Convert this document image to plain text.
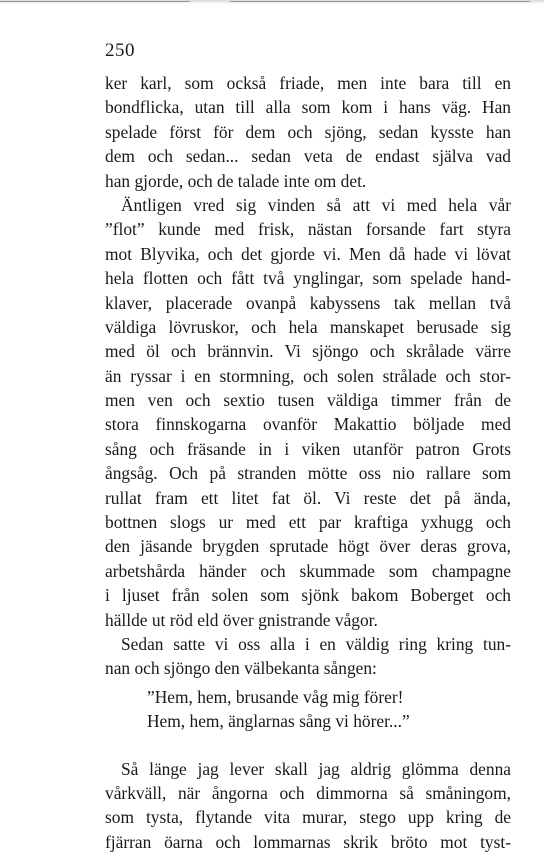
250
ker karl, som också friade, men inte bara till en
bondflicka, utan till alla som kom i hans väg. Han
spelade först för dem och sjöng, sedan kysste han
dem och sedan... sedan veta de endast själva vad
han gjorde, och de talade inte om det.
Äntligen vred sig vinden så att vi med hela vår
”flot” kunde med frisk, nästan forsande fart styra
mot Blyvika, och det gjorde vi. Men då hade vi lövat
hela flotten och fått två ynglingar, som spelade hand-
klaver, placerade ovanpå kabyssens tak mellan två
väldiga lövruskor, och hela manskapet berusade sig
med öl och brännvin. Vi sjöngo och skrålade värre
än ryssar i en stormning, och solen strålade och stor-
men ven och sextio tusen väldiga timmer från de
stora finnskogarna ovanför Makattio böljade med
sång och fräsande in i viken utanför patron Grots
ångsåg. Och på stranden mötte oss nio rallare som
rullat fram ett litet fat öl. Vi reste det på ända,
bottnen slogs ur med ett par kraftiga yxhugg och
den jäsande brygden sprutade högt över deras grova,
arbetshårda händer och skummade som champagne
i ljuset från solen som sjönk bakom Boberget och
hällde ut röd eld över gnistrande vågor.
Sedan satte vi oss alla i en väldig ring kring tun-
nan och sjöngo den välbekanta sången:
”Hem, hem, brusande våg mig förer!
Hem, hem, änglarnas sång vi hörer...”
Så länge jag lever skall jag aldrig glömma denna
vårkväll, när ångorna och dimmorna så småningom,
som tysta, flytande vita murar, stego upp kring de
fjärran öarna och lommarnas skrik bröto mot tyst-
